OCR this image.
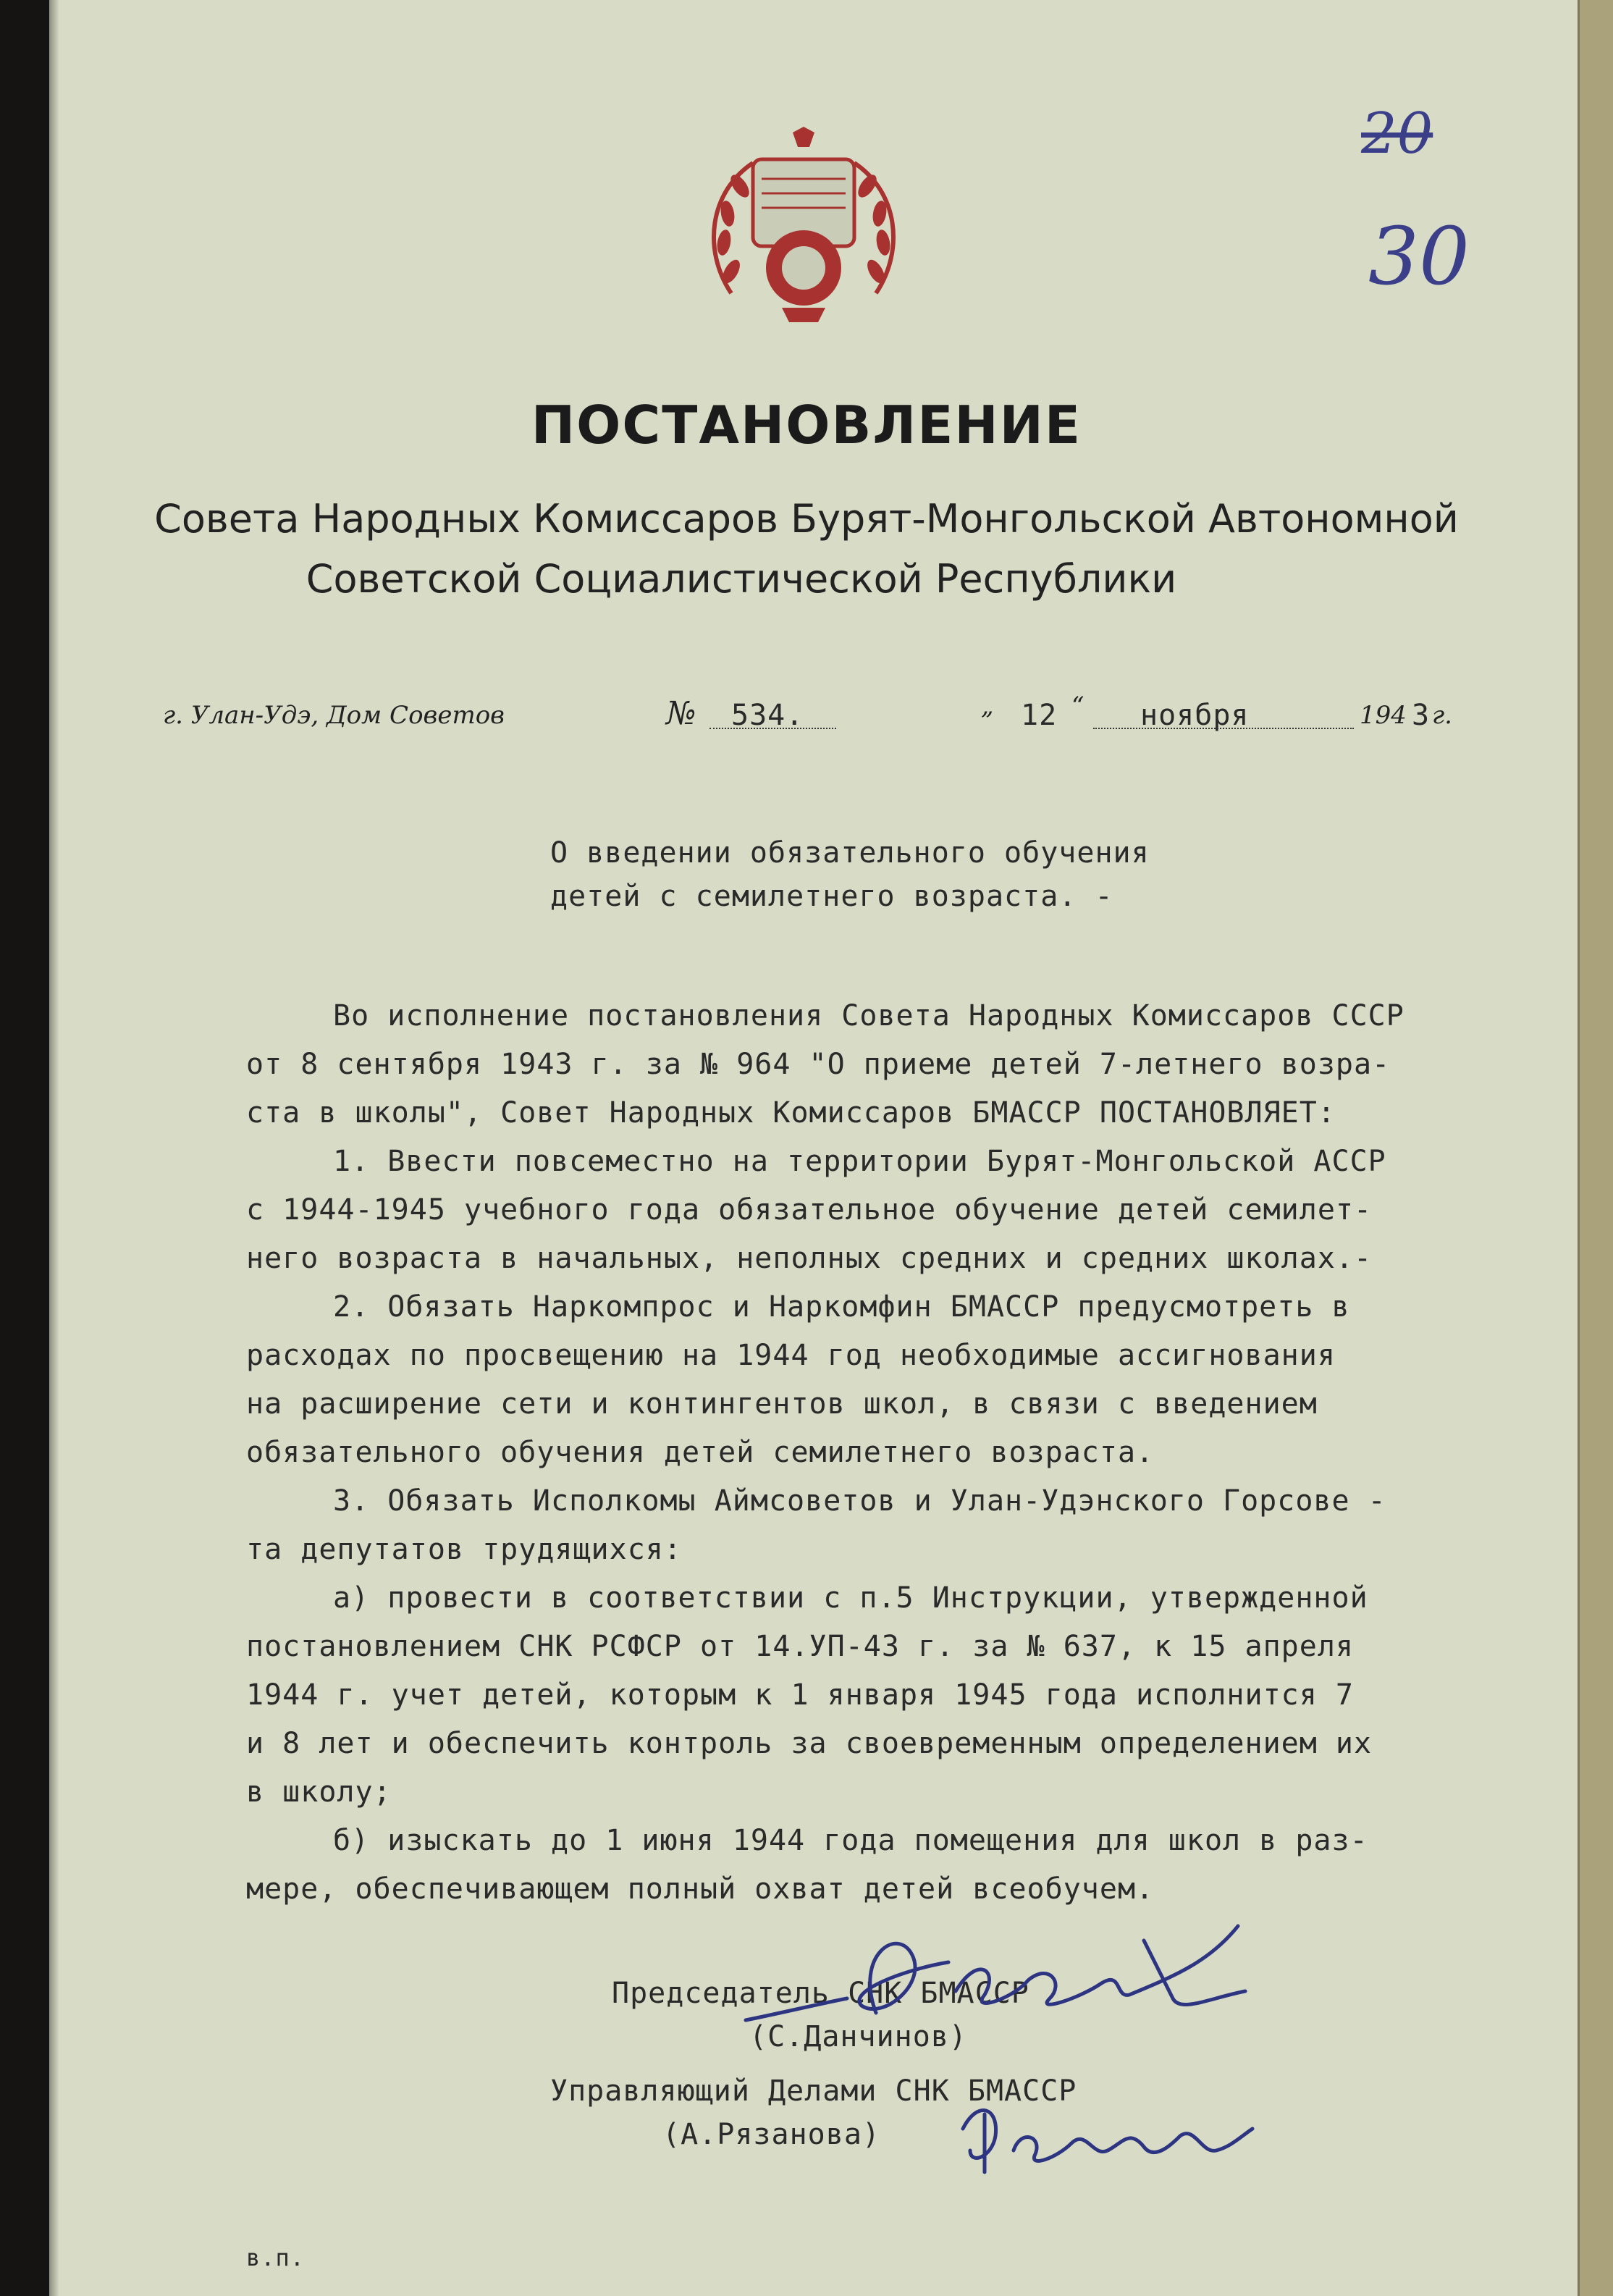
20
30
ПОСТАНОВЛЕНИЕ
Совета Народных Комиссаров Бурят-Монгольской Автономной
Советской Социалистической Республики
г. Улан-Удэ, Дом Советов	№ 534.	„ 12 “ ноября	194 3 г.
О введении обязательного обучения
детей с семилетнего возраста. -
Во исполнение постановления Совета Народных Комиссаров СССР
от 8 сентября 1943 г. за № 964 "О приеме детей 7-летнего возра-
ста в школы", Совет Народных Комиссаров БМАССР ПОСТАНОВЛЯЕТ:
1. Ввести повсеместно на территории Бурят-Монгольской АССР
с 1944-1945 учебного года обязательное обучение детей семилет-
него возраста в начальных, неполных средних и средних школах.-
2. Обязать Наркомпрос и Наркомфин БМАССР предусмотреть в
расходах по просвещению на 1944 год необходимые ассигнования
на расширение сети и контингентов школ, в связи с введением
обязательного обучения детей семилетнего возраста.
3. Обязать Исполкомы Аймсоветов и Улан-Удэнского Горсове -
та депутатов трудящихся:
а) провести в соответствии с п.5 Инструкции, утвержденной
постановлением СНК РСФСР от 14.УП-43 г. за № 637, к 15 апреля
1944 г. учет детей, которым к 1 января 1945 года исполнится 7
и 8 лет и обеспечить контроль за своевременным определением их
в школу;
б) изыскать до 1 июня 1944 года помещения для школ в раз-
мере, обеспечивающем полный охват детей всеобучем.
Председатель СНК БМАССР
(С.Данчинов)
Управляющий Делами СНК БМАССР
(А.Рязанова)
в.п.
